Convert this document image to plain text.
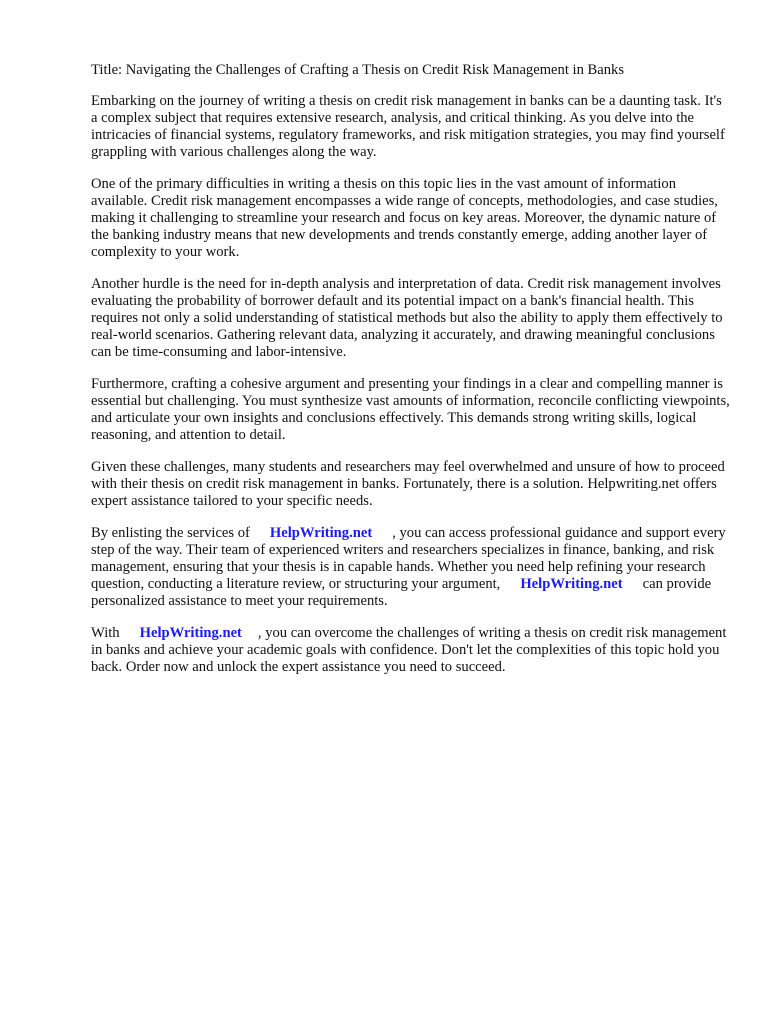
Title: Navigating the Challenges of Crafting a Thesis on Credit Risk Management in Banks

Embarking on the journey of writing a thesis on credit risk management in banks can be a daunting task. It's a complex subject that requires extensive research, analysis, and critical thinking. As you delve into the intricacies of financial systems, regulatory frameworks, and risk mitigation strategies, you may find yourself grappling with various challenges along the way.

One of the primary difficulties in writing a thesis on this topic lies in the vast amount of information available. Credit risk management encompasses a wide range of concepts, methodologies, and case studies, making it challenging to streamline your research and focus on key areas. Moreover, the dynamic nature of the banking industry means that new developments and trends constantly emerge, adding another layer of complexity to your work.

Another hurdle is the need for in-depth analysis and interpretation of data. Credit risk management involves evaluating the probability of borrower default and its potential impact on a bank's financial health. This requires not only a solid understanding of statistical methods but also the ability to apply them effectively to real-world scenarios. Gathering relevant data, analyzing it accurately, and drawing meaningful conclusions can be time-consuming and labor-intensive.

Furthermore, crafting a cohesive argument and presenting your findings in a clear and compelling manner is essential but challenging. You must synthesize vast amounts of information, reconcile conflicting viewpoints, and articulate your own insights and conclusions effectively. This demands strong writing skills, logical reasoning, and attention to detail.

Given these challenges, many students and researchers may feel overwhelmed and unsure of how to proceed with their thesis on credit risk management in banks. Fortunately, there is a solution. Helpwriting.net offers expert assistance tailored to your specific needs.

By enlisting the services of HelpWriting.net , you can access professional guidance and support every step of the way. Their team of experienced writers and researchers specializes in finance, banking, and risk management, ensuring that your thesis is in capable hands. Whether you need help refining your research question, conducting a literature review, or structuring your argument, HelpWriting.net can provide personalized assistance to meet your requirements.

With HelpWriting.net , you can overcome the challenges of writing a thesis on credit risk management in banks and achieve your academic goals with confidence. Don't let the complexities of this topic hold you back. Order now and unlock the expert assistance you need to succeed.
